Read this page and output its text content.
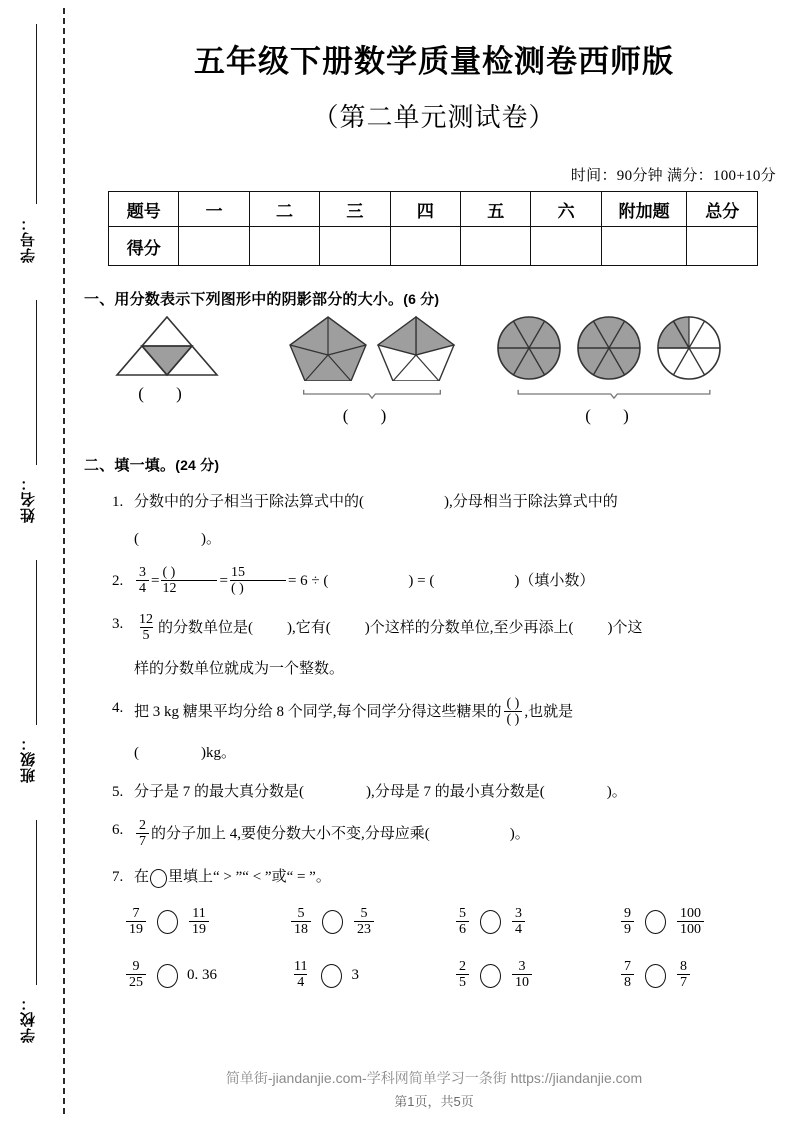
学号：
姓名：
班级：
学校：
五年级下册数学质量检测卷西师版
（第二单元测试卷）
时间：90分钟 满分：100+10分
题号	一	二	三	四	五	六	附加题	总分
得分								
一、用分数表示下列图形中的阴影部分的大小。(6 分)
( )

( )
	( )
二、填一填。(24 分)
1. 分数中的分子相当于除法算式中的(	),分母相当于除法算式中的
(	)。
2. $\frac{3}{4} = \frac{( )}{12} = \frac{15}{( )} = 6$ ÷ (	) = (	)（填小数）
3. $\frac{12}{5}$ 的分数单位是( ),它有( )个这样的分数单位,至少再添上( )个这
样的分数单位就成为一个整数。
4. 把 3 kg 糖果平均分给 8 个同学,每个同学分得这些糖果的 $\frac{( )}{( )}$ ,也就是
(	)kg。
5. 分子是 7 的最大真分数是(	),分母是 7 的最小真分数是(	)。
6. $\frac{2}{7}$ 的分子加上 4,要使分数大小不变,分母应乘(	)。
7. 在 里填上“ > ”“ < ”或“ = ”。
$\frac{7}{19}$	$\frac{11}{19}$	$\frac{5}{18}$	$\frac{5}{23}$	$\frac{5}{6}$	$\frac{3}{4}$	$\frac{9}{9}$	$\frac{100}{100}$
$\frac{9}{25}$	0. 36	$\frac{11}{4}$	3	$\frac{2}{5}$	$\frac{3}{10}$	$\frac{7}{8}$	$\frac{8}{7}$
简单街-jiandanjie.com-学科网简单学习一条街 https://jiandanjie.com
第1页，共5页
